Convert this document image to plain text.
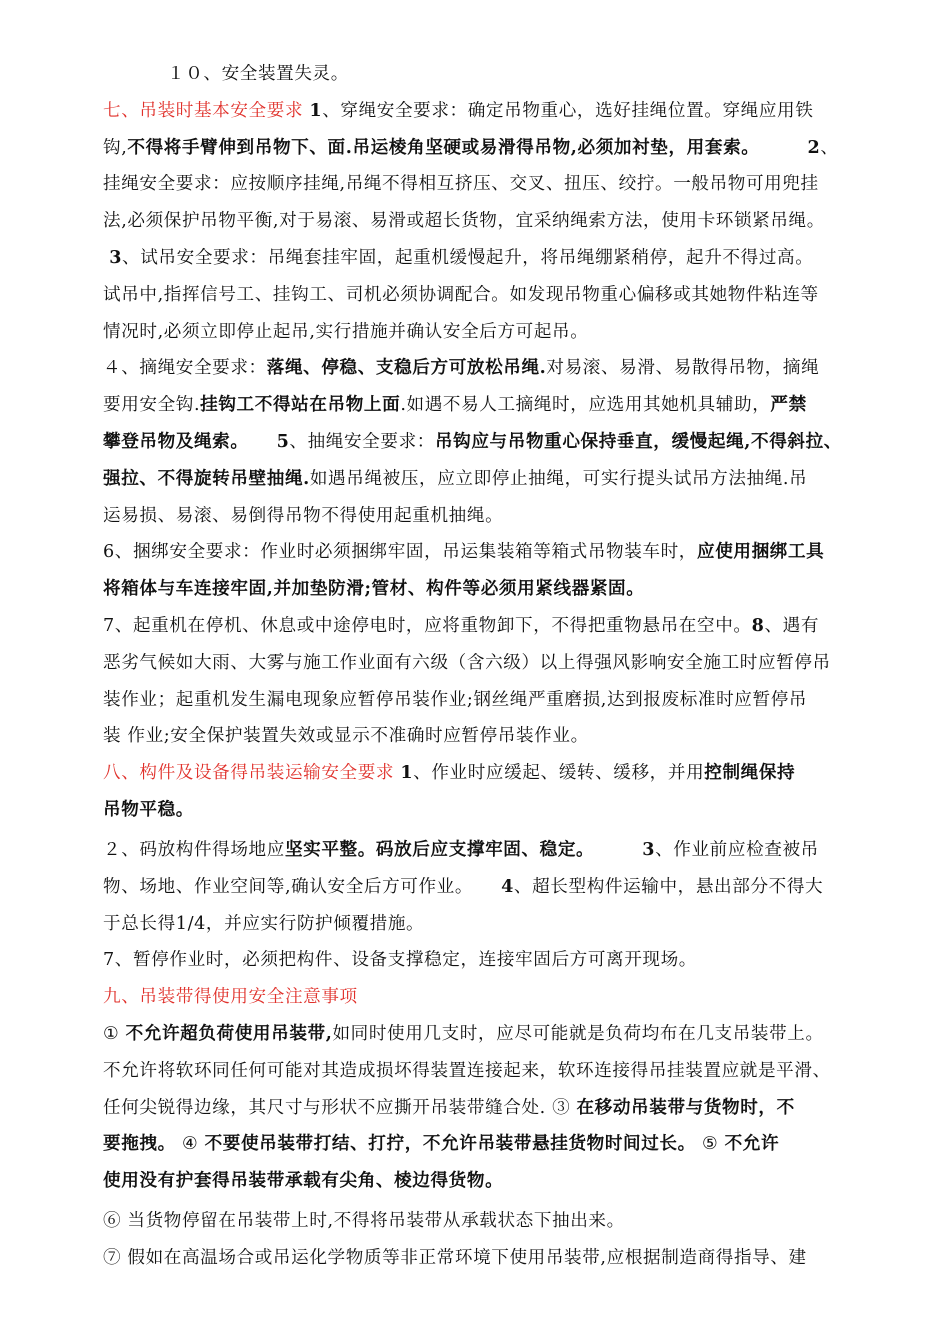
１０、安全装置失灵。
七、吊装时基本安全要求 1、穿绳安全要求：确定吊物重心，选好挂绳位置。穿绳应用铁
钩,不得将手臂伸到吊物下、面.吊运棱角坚硬或易滑得吊物,必须加衬垫，用套索。	2、
挂绳安全要求：应按顺序挂绳,吊绳不得相互挤压、交叉、扭压、绞拧。一般吊物可用兜挂
法,必须保护吊物平衡,对于易滚、易滑或超长货物，宜采纳绳索方法，使用卡环锁紧吊绳。
3、试吊安全要求：吊绳套挂牢固，起重机缓慢起升，将吊绳绷紧稍停，起升不得过高。
试吊中,指挥信号工、挂钩工、司机必须协调配合。如发现吊物重心偏移或其她物件粘连等
情况时,必须立即停止起吊,实行措施并确认安全后方可起吊。
４、摘绳安全要求：落绳、停稳、支稳后方可放松吊绳.对易滚、易滑、易散得吊物，摘绳
要用安全钩.挂钩工不得站在吊物上面.如遇不易人工摘绳时，应选用其她机具辅助，严禁
攀登吊物及绳索。 5、抽绳安全要求：吊钩应与吊物重心保持垂直，缓慢起绳,不得斜拉、
强拉、不得旋转吊壁抽绳.如遇吊绳被压，应立即停止抽绳，可实行提头试吊方法抽绳.吊
运易损、易滚、易倒得吊物不得使用起重机抽绳。
6、捆绑安全要求：作业时必须捆绑牢固，吊运集装箱等箱式吊物装车时，应使用捆绑工具
将箱体与车连接牢固,并加垫防滑;管材、构件等必须用紧线器紧固。
7、起重机在停机、休息或中途停电时，应将重物卸下，不得把重物悬吊在空中。8、遇有
恶劣气候如大雨、大雾与施工作业面有六级（含六级）以上得强风影响安全施工时应暂停吊
装作业；起重机发生漏电现象应暂停吊装作业;钢丝绳严重磨损,达到报废标准时应暂停吊
装 作业;安全保护装置失效或显示不准确时应暂停吊装作业。
八、构件及设备得吊装运输安全要求 1、作业时应缓起、缓转、缓移，并用控制绳保持
吊物平稳。
２、码放构件得场地应坚实平整。码放后应支撑牢固、稳定。	3、作业前应检查被吊
物、场地、作业空间等,确认安全后方可作业。 4、超长型构件运输中，悬出部分不得大
于总长得1/4，并应实行防护倾覆措施。
7、暂停作业时，必须把构件、设备支撑稳定，连接牢固后方可离开现场。
九、吊装带得使用安全注意事项
① 不允许超负荷使用吊装带,如同时使用几支时，应尽可能就是负荷均布在几支吊装带上。
不允许将软环同任何可能对其造成损坏得装置连接起来，软环连接得吊挂装置应就是平滑、
任何尖锐得边缘，其尺寸与形状不应撕开吊装带缝合处. ③ 在移动吊装带与货物时，不
要拖拽。 ④ 不要使吊装带打结、打拧，不允许吊装带悬挂货物时间过长。 ⑤ 不允许
使用没有护套得吊装带承载有尖角、棱边得货物。
⑥ 当货物停留在吊装带上时,不得将吊装带从承载状态下抽出来。
⑦ 假如在高温场合或吊运化学物质等非正常环境下使用吊装带,应根据制造商得指导、建
